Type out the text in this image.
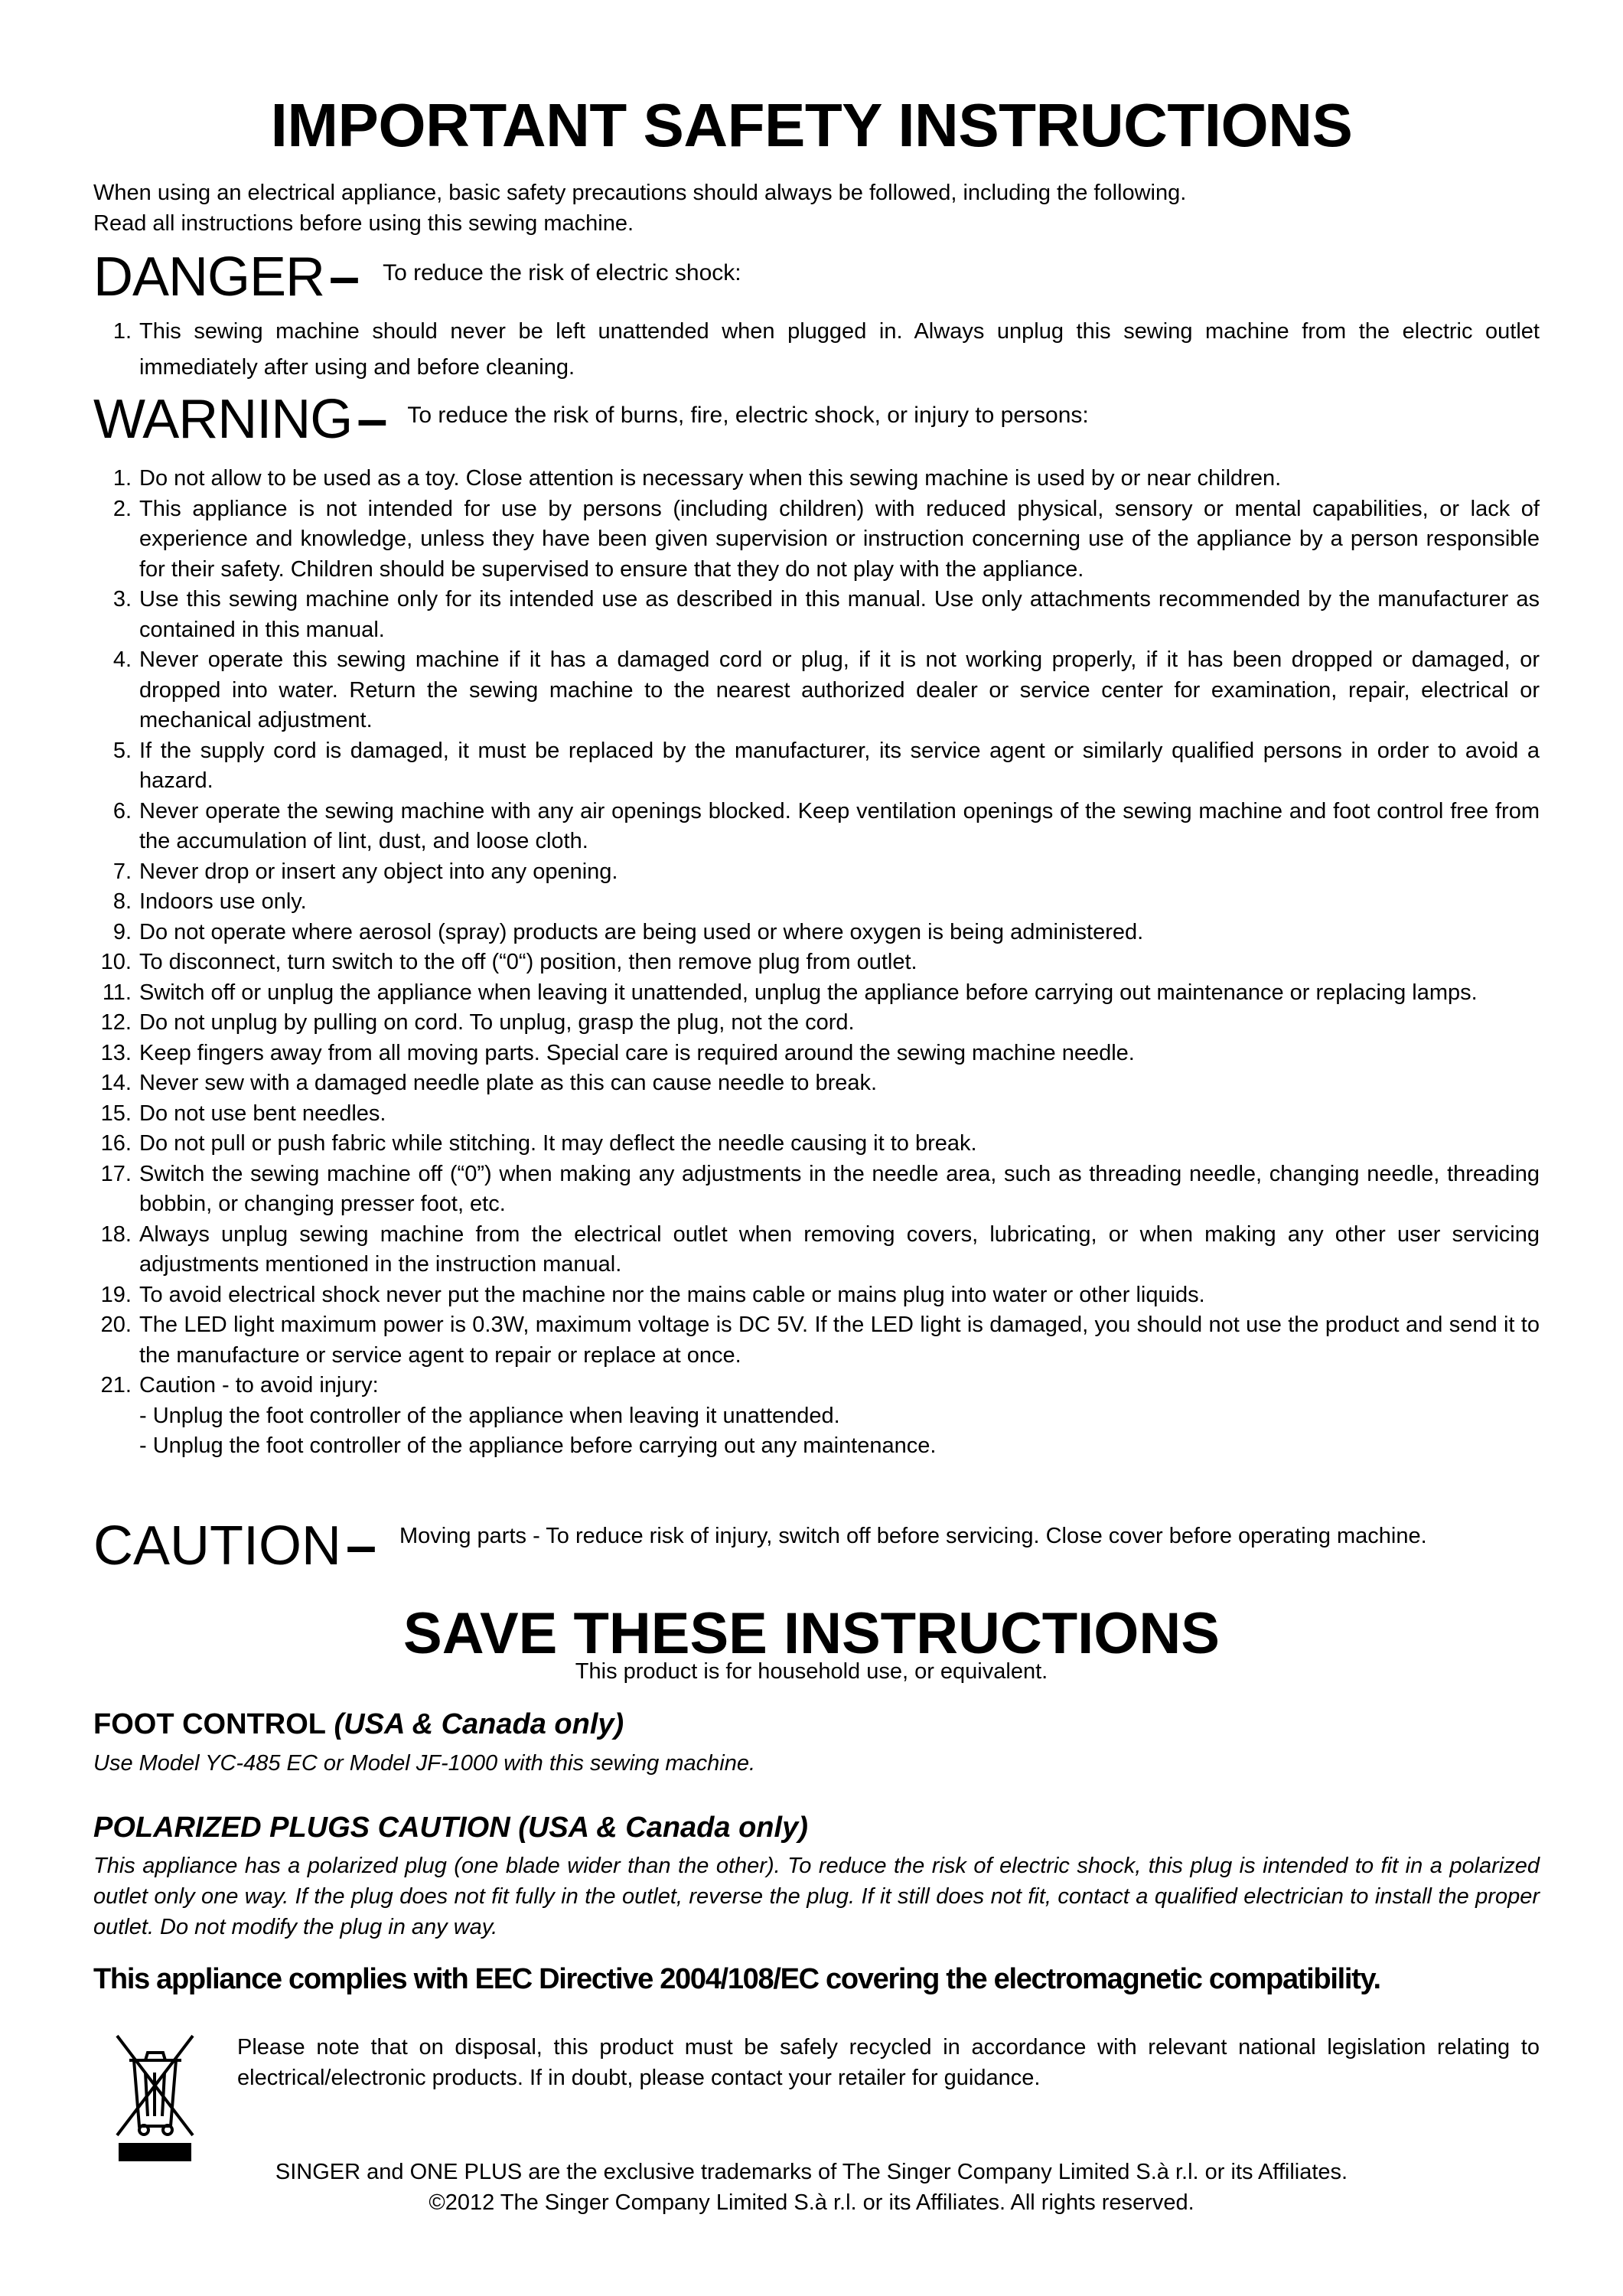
IMPORTANT SAFETY INSTRUCTIONS
When using an electrical appliance, basic safety precautions should always be followed, including the following.
Read all instructions before using this sewing machine.
DANGER– To reduce the risk of electric shock:
1. This sewing machine should never be left unattended when plugged in. Always unplug this sewing machine from the electric outlet immediately after using and before cleaning.
WARNING– To reduce the risk of burns, fire, electric shock, or injury to persons:
1. Do not allow to be used as a toy. Close attention is necessary when this sewing machine is used by or near children.
2. This appliance is not intended for use by persons (including children) with reduced physical, sensory or mental capabilities, or lack of experience and knowledge, unless they have been given supervision or instruction concerning use of the appliance by a person responsible for their safety. Children should be supervised to ensure that they do not play with the appliance.
3. Use this sewing machine only for its intended use as described in this manual. Use only attachments recommended by the manufacturer as contained in this manual.
4. Never operate this sewing machine if it has a damaged cord or plug, if it is not working properly, if it has been dropped or damaged, or dropped into water. Return the sewing machine to the nearest authorized dealer or service center for examination, repair, electrical or mechanical adjustment.
5. If the supply cord is damaged, it must be replaced by the manufacturer, its service agent or similarly qualified persons in order to avoid a hazard.
6. Never operate the sewing machine with any air openings blocked. Keep ventilation openings of the sewing machine and foot control free from the accumulation of lint, dust, and loose cloth.
7. Never drop or insert any object into any opening.
8. Indoors use only.
9. Do not operate where aerosol (spray) products are being used or where oxygen is being administered.
10. To disconnect, turn switch to the off (“0“) position, then remove plug from outlet.
11. Switch off or unplug the appliance when leaving it unattended, unplug the appliance before carrying out maintenance or replacing lamps.
12. Do not unplug by pulling on cord. To unplug, grasp the plug, not the cord.
13. Keep fingers away from all moving parts. Special care is required around the sewing machine needle.
14. Never sew with a damaged needle plate as this can cause needle to break.
15. Do not use bent needles.
16. Do not pull or push fabric while stitching. It may deflect the needle causing it to break.
17. Switch the sewing machine off (“0”) when making any adjustments in the needle area, such as threading needle, changing needle, threading bobbin, or changing presser foot, etc.
18. Always unplug sewing machine from the electrical outlet when removing covers, lubricating, or when making any other user servicing adjustments mentioned in the instruction manual.
19. To avoid electrical shock never put the machine nor the mains cable or mains plug into water or other liquids.
20. The LED light maximum power is 0.3W, maximum voltage is DC 5V. If the LED light is damaged, you should not use the product and send it to the manufacture or service agent to repair or replace at once.
21. Caution - to avoid injury:
- Unplug the foot controller of the appliance when leaving it unattended.
- Unplug the foot controller of the appliance before carrying out any maintenance.
CAUTION– Moving parts - To reduce risk of injury, switch off before servicing. Close cover before operating machine.
SAVE THESE INSTRUCTIONS
This product is for household use, or equivalent.
FOOT CONTROL (USA & Canada only)
Use Model YC-485 EC or Model JF-1000 with this sewing machine.
POLARIZED PLUGS CAUTION (USA & Canada only)
This appliance has a polarized plug (one blade wider than the other). To reduce the risk of electric shock, this plug is intended to fit in a polarized outlet only one way. If the plug does not fit fully in the outlet, reverse the plug. If it still does not fit, contact a qualified electrician to install the proper outlet. Do not modify the plug in any way.
This appliance complies with EEC Directive 2004/108/EC covering the electromagnetic compatibility.
Please note that on disposal, this product must be safely recycled in accordance with relevant national legislation relating to electrical/electronic products. If in doubt, please contact your retailer for guidance.
SINGER and ONE PLUS are the exclusive trademarks of The Singer Company Limited S.à r.l. or its Affiliates.
©2012 The Singer Company Limited S.à r.l. or its Affiliates. All rights reserved.
